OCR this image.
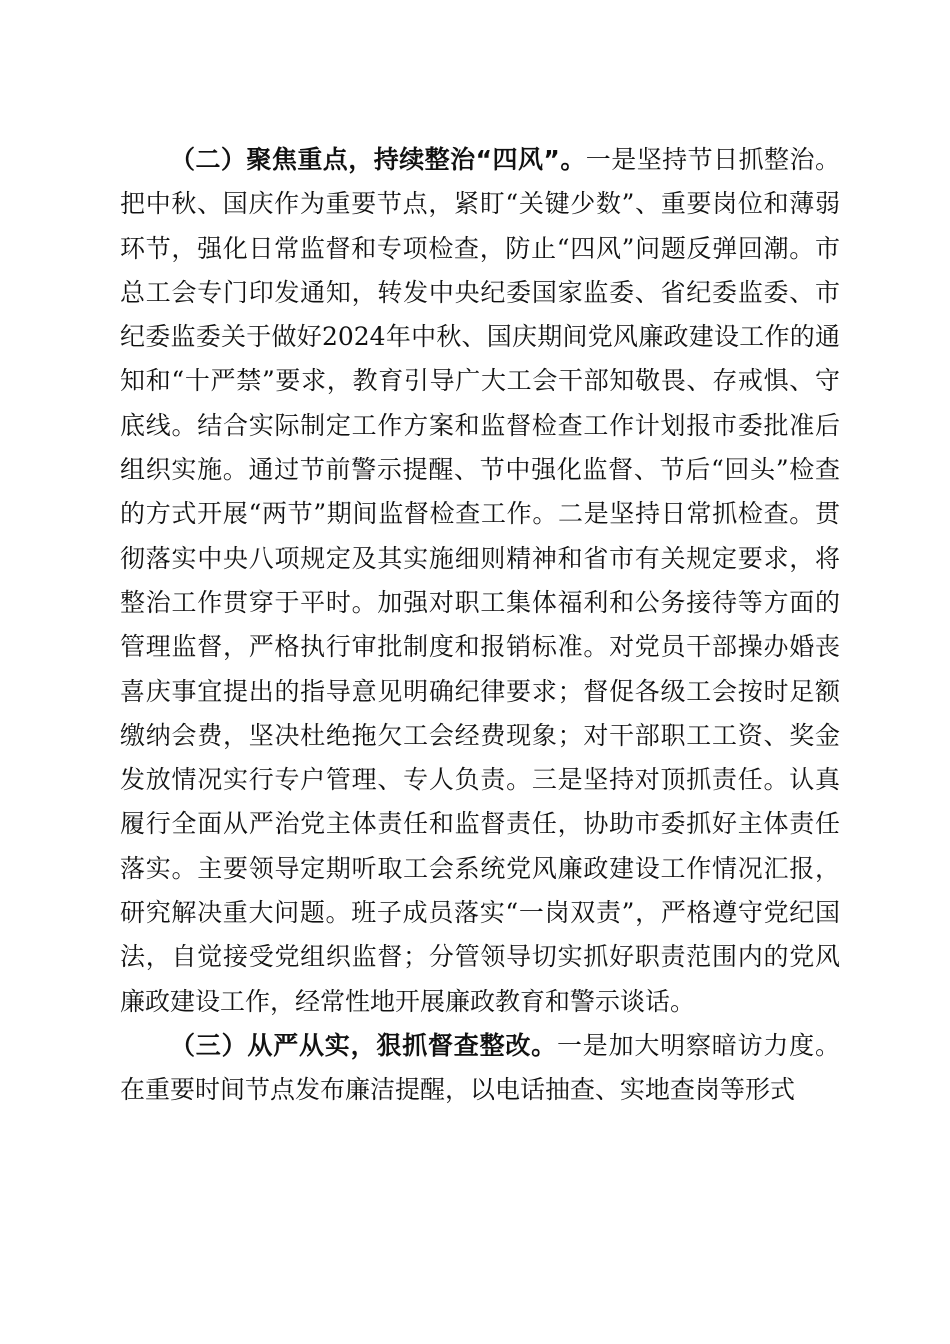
（二）聚焦重点，持续整治“四风”。一是坚持节日抓整治。把中秋、国庆作为重要节点，紧盯“关键少数”、重要岗位和薄弱环节，强化日常监督和专项检查，防止“四风”问题反弹回潮。市总工会专门印发通知，转发中央纪委国家监委、省纪委监委、市纪委监委关于做好2024年中秋、国庆期间党风廉政建设工作的通知和“十严禁”要求，教育引导广大工会干部知敬畏、存戒惧、守底线。结合实际制定工作方案和监督检查工作计划报市委批准后组织实施。通过节前警示提醒、节中强化监督、节后“回头”检查的方式开展“两节”期间监督检查工作。二是坚持日常抓检查。贯彻落实中央八项规定及其实施细则精神和省市有关规定要求，将整治工作贯穿于平时。加强对职工集体福利和公务接待等方面的管理监督，严格执行审批制度和报销标准。对党员干部操办婚丧喜庆事宜提出的指导意见明确纪律要求；督促各级工会按时足额缴纳会费，坚决杜绝拖欠工会经费现象；对干部职工工资、奖金发放情况实行专户管理、专人负责。三是坚持对顶抓责任。认真履行全面从严治党主体责任和监督责任，协助市委抓好主体责任落实。主要领导定期听取工会系统党风廉政建设工作情况汇报，研究解决重大问题。班子成员落实“一岗双责”，严格遵守党纪国法，自觉接受党组织监督；分管领导切实抓好职责范围内的党风廉政建设工作，经常性地开展廉政教育和警示谈话。

（三）从严从实，狠抓督查整改。一是加大明察暗访力度。在重要时间节点发布廉洁提醒，以电话抽查、实地查岗等形式
